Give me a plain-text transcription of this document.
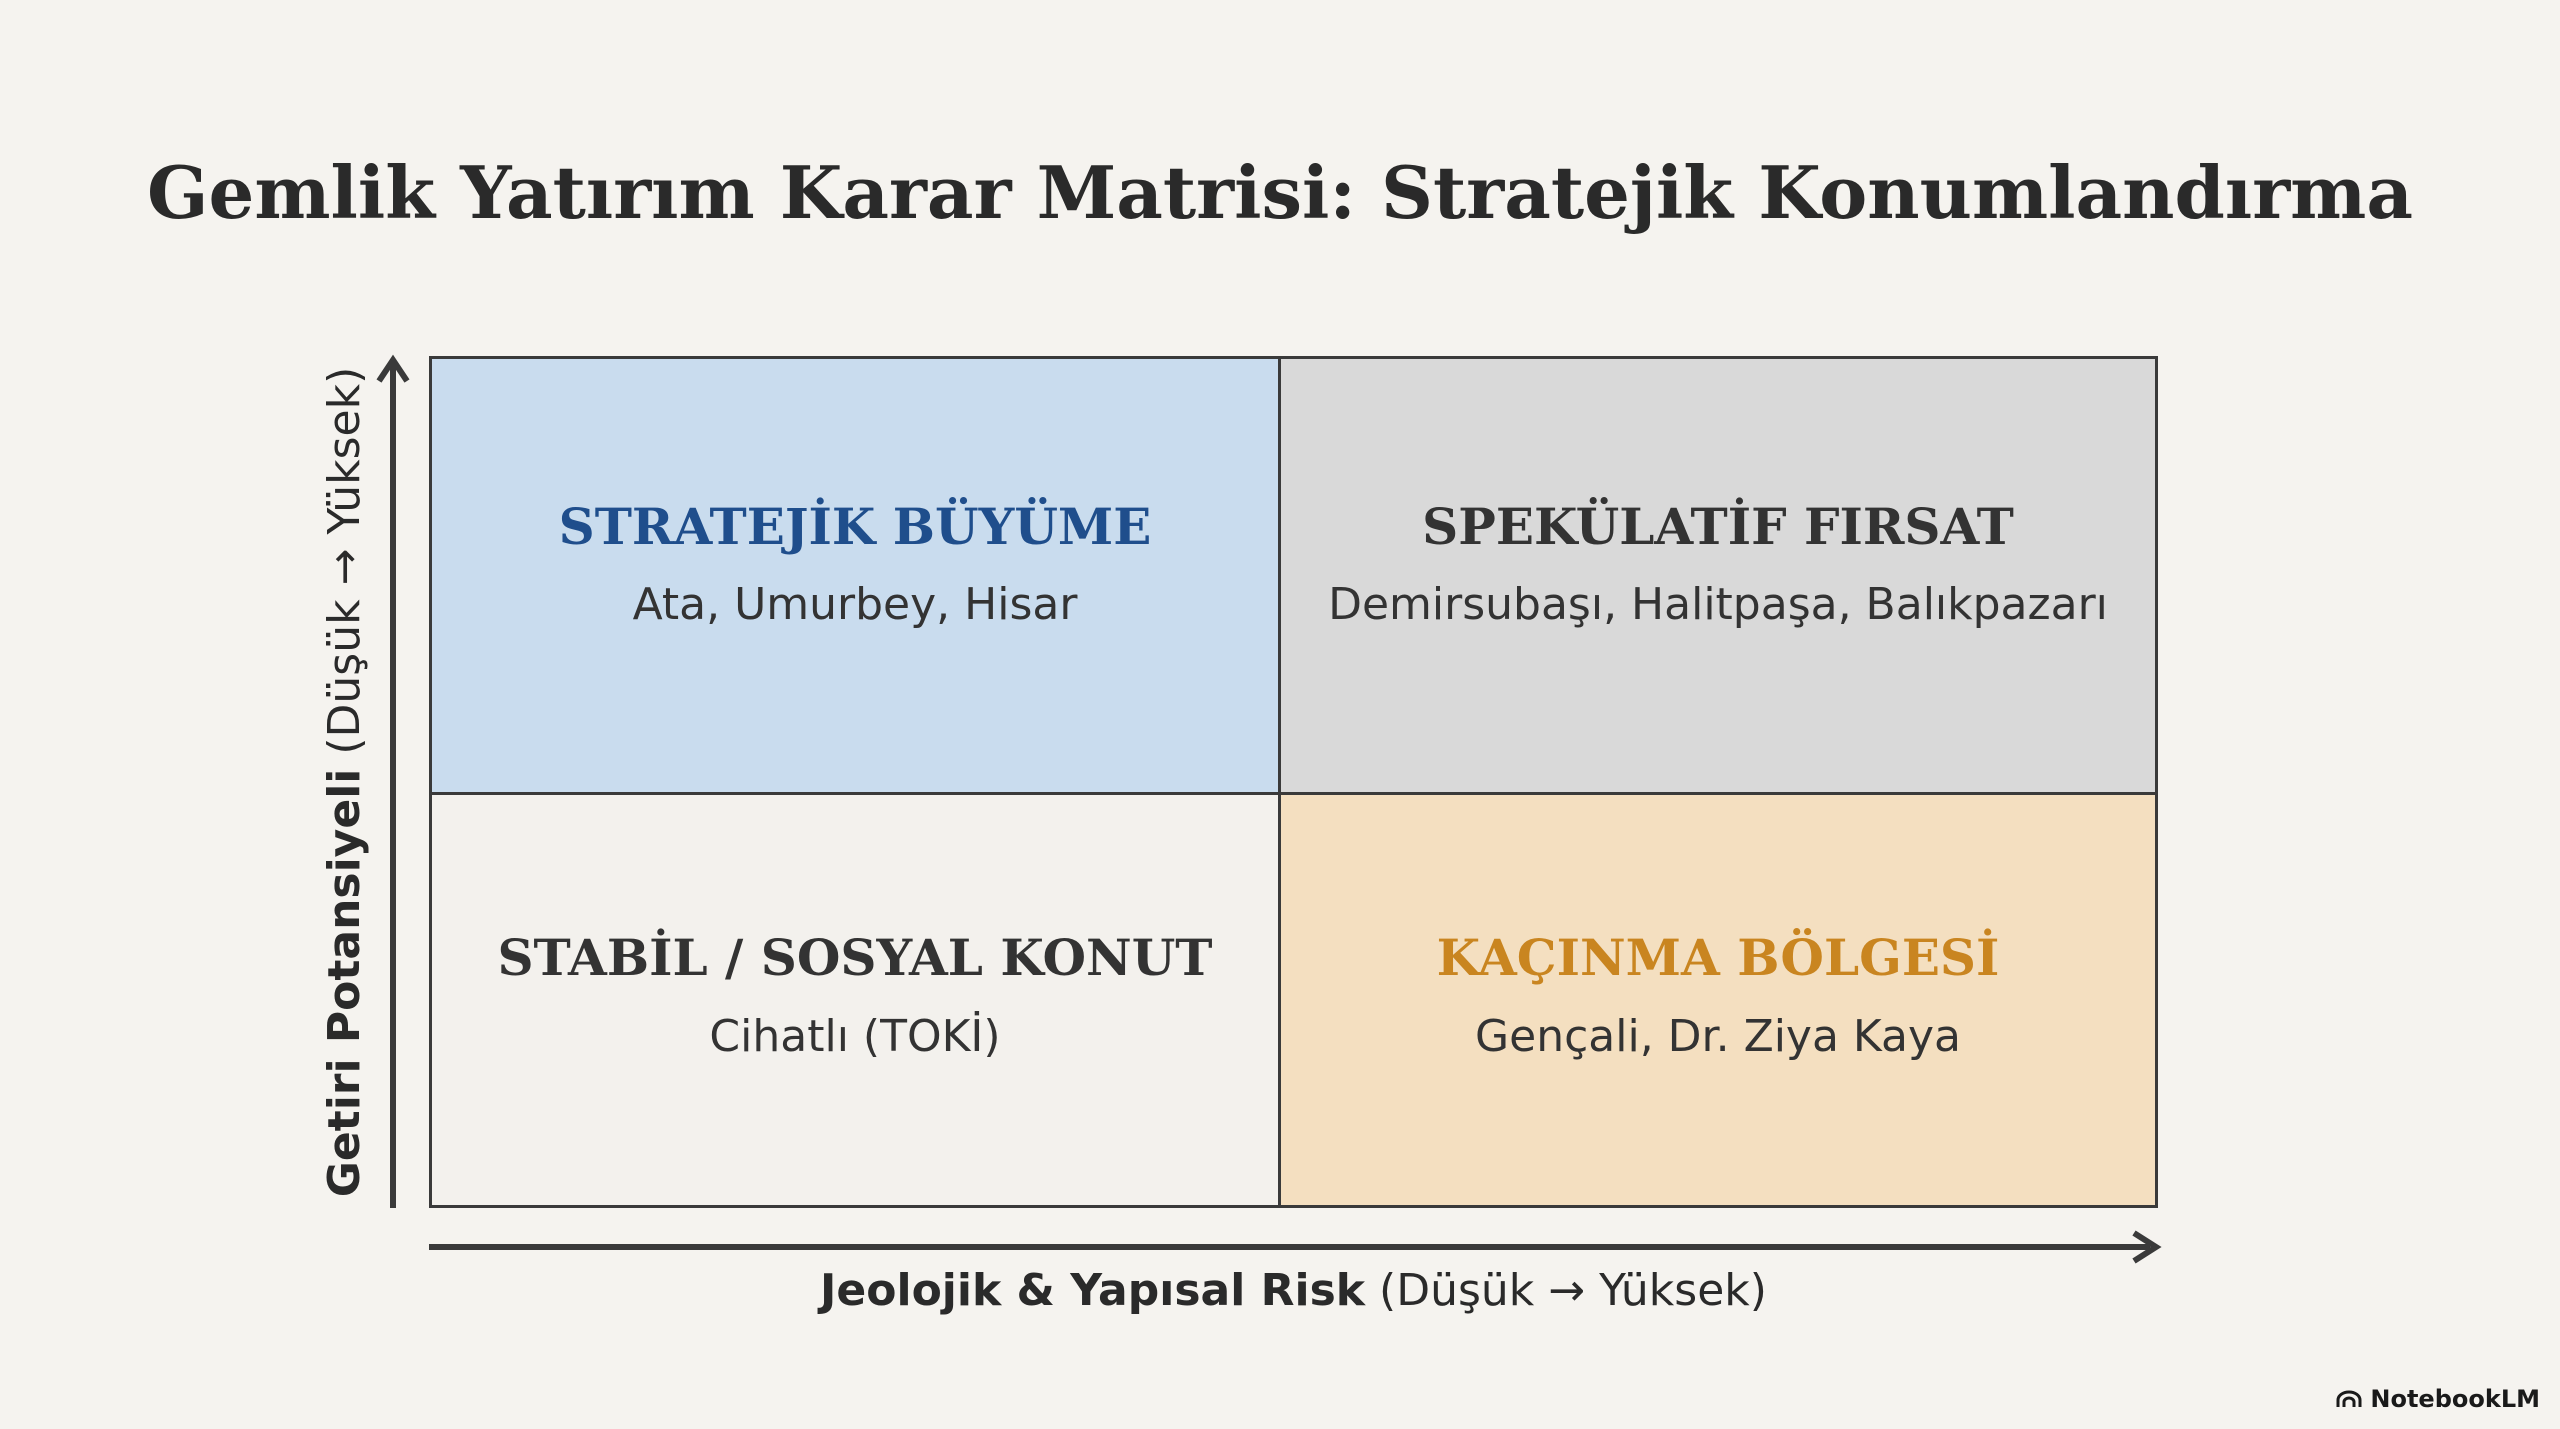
Gemlik Yatırım Karar Matrisi: Stratejik Konumlandırma
STRATEJİK BÜYÜME
Ata, Umurbey, Hisar
SPEKÜLATİF FIRSAT
Demirsubaşı, Halitpaşa, Balıkpazarı
STABİL / SOSYAL KONUT
Cihatlı (TOKİ)
KAÇINMA BÖLGESİ
Gençali, Dr. Ziya Kaya
Jeolojik & Yapısal Risk (Düşük → Yüksek)
Getiri Potansiyeli (Düşük → Yüksek)
NotebookLM
